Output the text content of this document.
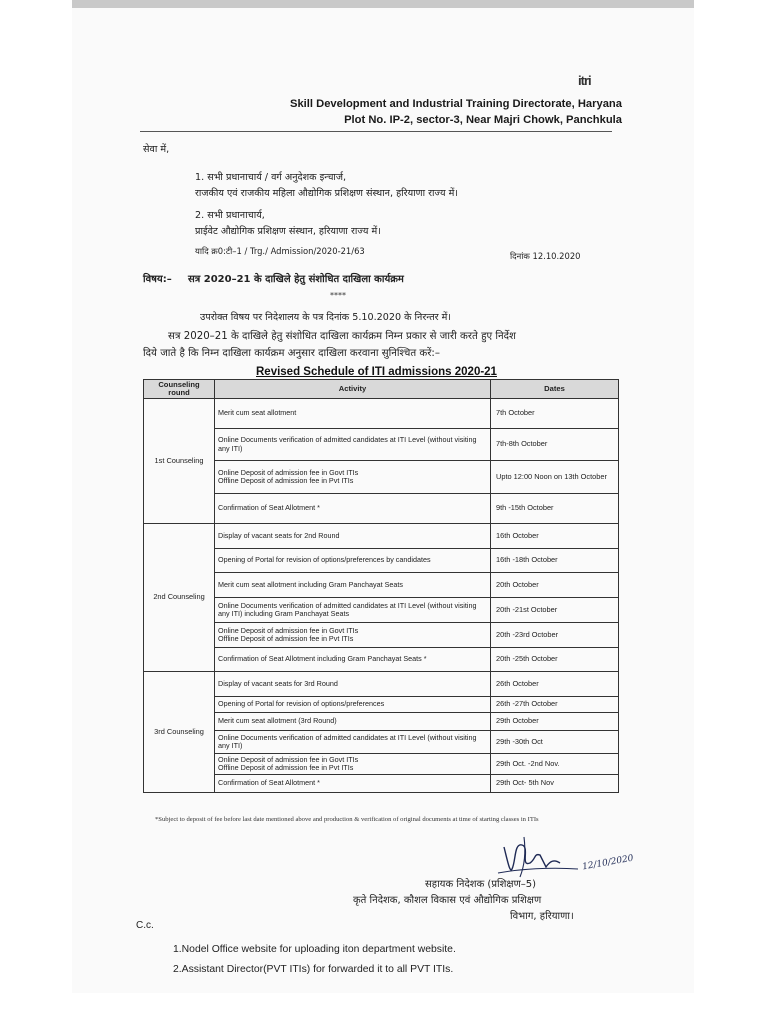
itri
Skill Development and Industrial Training Directorate, Haryana
Plot No. IP-2, sector-3, Near Majri Chowk, Panchkula
सेवा में,
1. सभी प्रधानाचार्य / वर्ग अनुदेशक इन्चार्ज,
राजकीय एवं राजकीय महिला औद्योगिक प्रशिक्षण संस्थान, हरियाणा राज्य में।
2. सभी प्रधानाचार्य,
प्राईवेट औद्योगिक प्रशिक्षण संस्थान, हरियाणा राज्य में।
यादि क्र0:टी–1 / Trg./ Admission/2020-21/63	दिनांक 12.10.2020
विषय:– सत्र 2020–21 के दाखिले हेतु संशोधित दाखिला कार्यक्रम
****
उपरोक्त विषय पर निदेशालय के पत्र दिनांक 5.10.2020 के निरन्तर में।
सत्र 2020–21 के दाखिले हेतु संशोधित दाखिला कार्यक्रम निम्न प्रकार से जारी करते हुए निर्देश
दिये जाते है कि निम्न दाखिला कार्यक्रम अनुसार दाखिला करवाना सुनिश्चित करें:–
Revised Schedule of ITI admissions 2020-21
Counseling round	Activity	Dates
1st Counseling	Merit cum seat allotment	7th October
	Online Documents verification of admitted candidates at ITI Level (without visiting any ITI)	7th-8th October
	Online Deposit of admission fee in Govt ITIs
Offline Deposit of admission fee in Pvt ITIs	Upto 12:00 Noon on 13th October
	Confirmation of Seat Allotment *	9th -15th October
2nd Counseling	Display of vacant seats for 2nd Round	16th October
	Opening of Portal for revision of options/preferences by candidates	16th -18th October
	Merit cum seat allotment including Gram Panchayat Seats	20th October
	Online Documents verification of admitted candidates at ITI Level (without visiting any ITI) including Gram Panchayat Seats	20th -21st October
	Online Deposit of admission fee in Govt ITIs
Offline Deposit of admission fee in Pvt ITIs	20th -23rd October
	Confirmation of Seat Allotment including Gram Panchayat Seats *	20th -25th October
3rd Counseling	Display of vacant seats for 3rd Round	26th October
	Opening of Portal for revision of options/preferences	26th -27th October
	Merit cum seat allotment (3rd Round)	29th October
	Online Documents verification of admitted candidates at ITI Level (without visiting any ITI)	29th -30th Oct
	Online Deposit of admission fee in Govt ITIs
Offline Deposit of admission fee in Pvt ITIs	29th Oct. -2nd Nov.
	Confirmation of Seat Allotment *	29th Oct- 5th Nov
*Subject to deposit of fee before last date mentioned above and production & verification of original documents at time of starting classes in ITIs
12/10/2020
सहायक निदेशक (प्रशिक्षण–5)
कृते निदेशक, कौशल विकास एवं औद्योगिक प्रशिक्षण
विभाग, हरियाणा।
C.c.
1.Nodel Office website for uploading iton department website.
2.Assistant Director(PVT ITIs) for forwarded it to all PVT ITIs.
